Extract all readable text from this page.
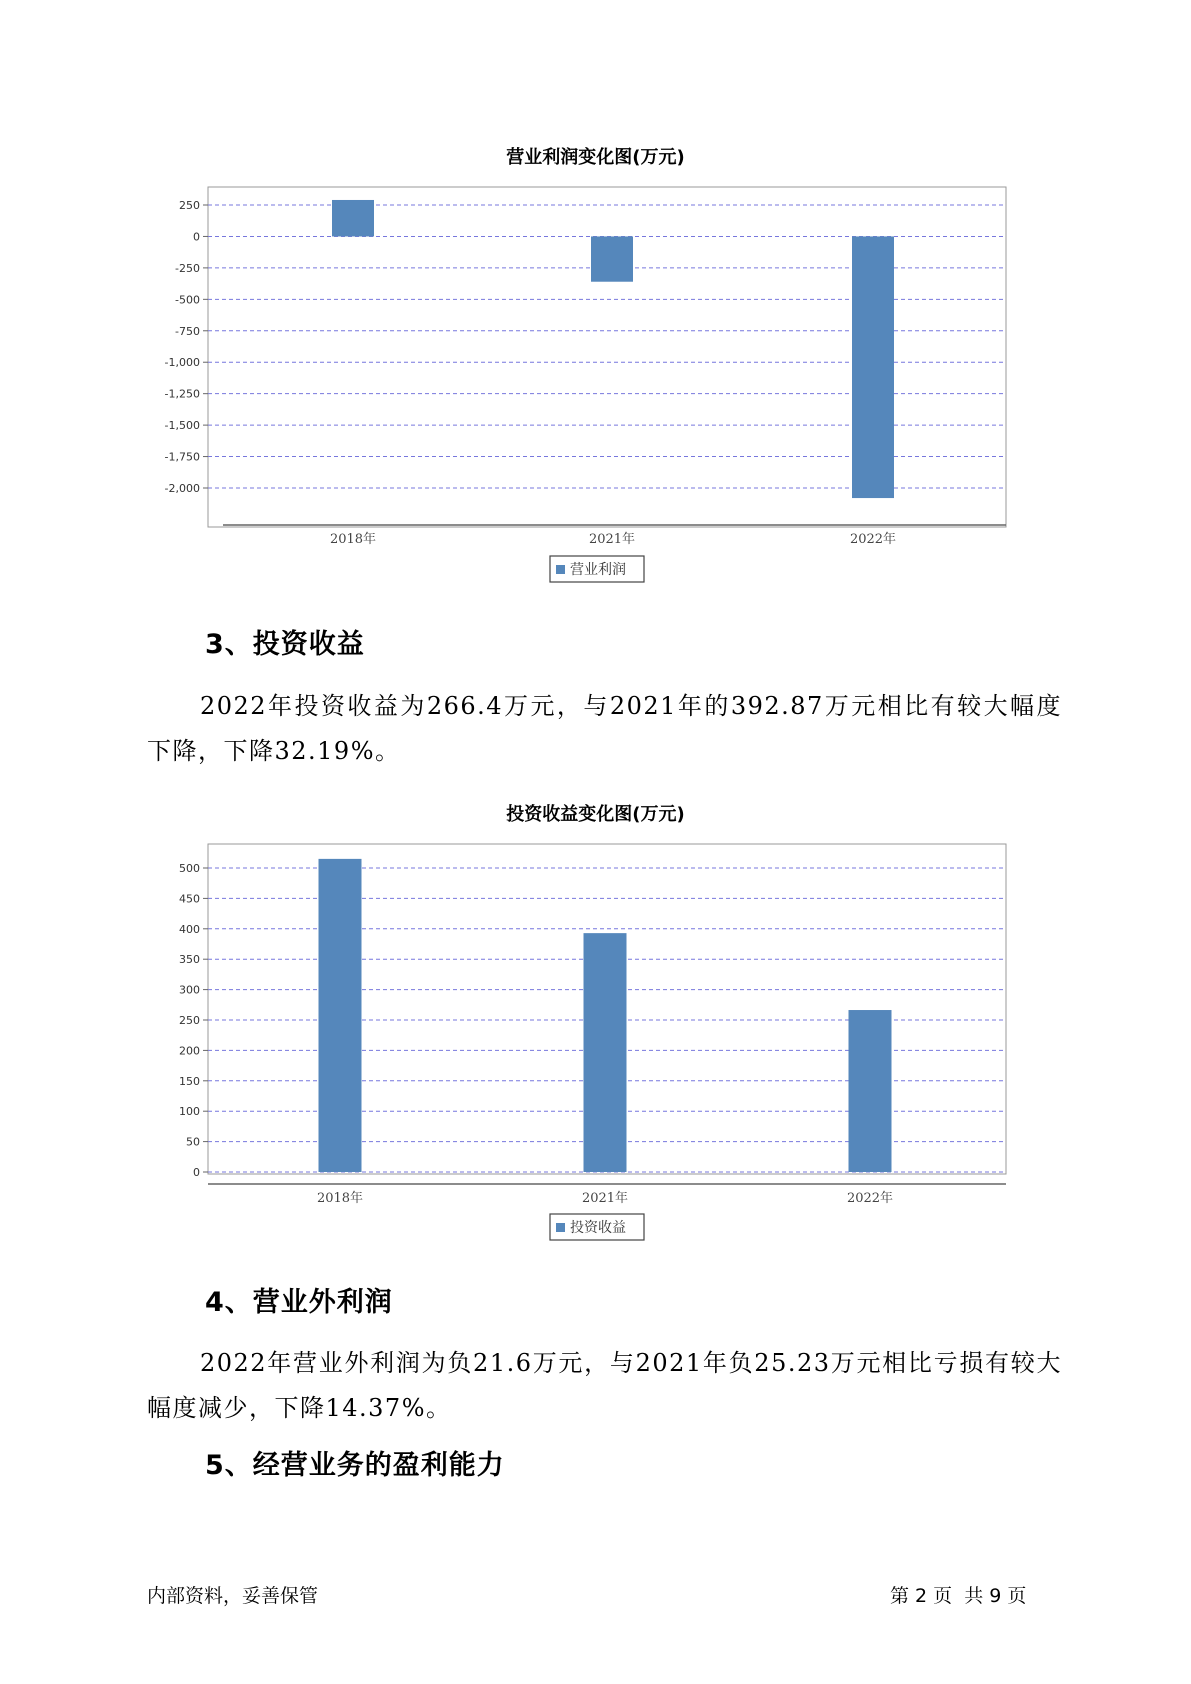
营业利润变化图(万元)
250
0
-250
-500
-750
-1,000
-1,250
-1,500
-1,750
-2,000
2018年	2021年	2022年
营业利润
3、投资收益
2022年投资收益为266.4万元，与2021年的392.87万元相比有较大幅度下降，下降32.19%。
投资收益变化图(万元)
0
50
100
150
200
250
300
350
400
450
500
2018年	2021年	2022年
投资收益
4、营业外利润
2022年营业外利润为负21.6万元，与2021年负25.23万元相比亏损有较大幅度减少，下降14.37%。
5、经营业务的盈利能力
内部资料，妥善保管	第 2 页  共 9 页
